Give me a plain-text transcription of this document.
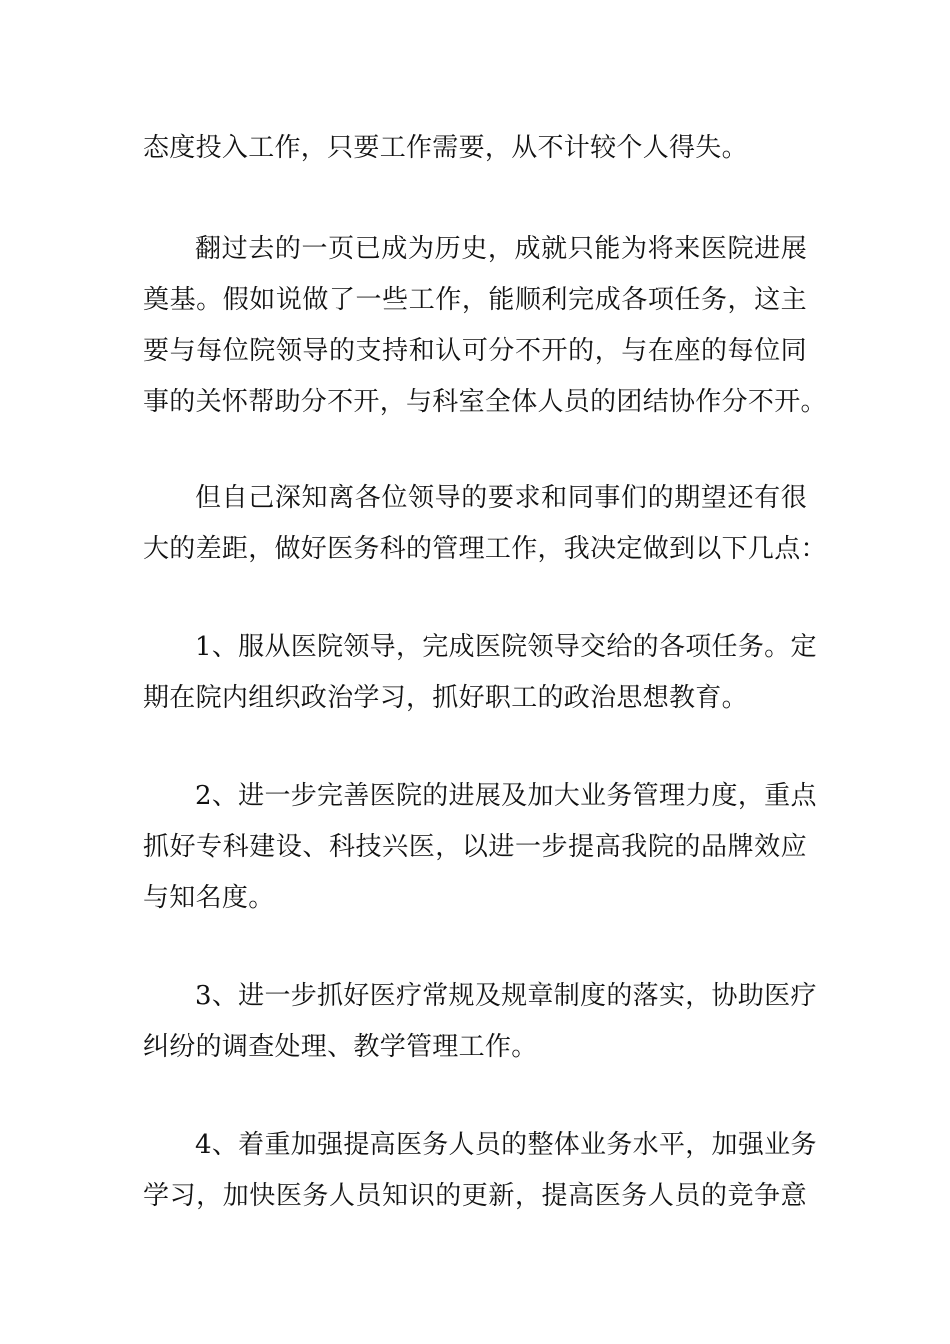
态度投入工作，只要工作需要，从不计较个人得失。
翻过去的一页已成为历史，成就只能为将来医院进展
奠基。假如说做了一些工作，能顺利完成各项任务，这主
要与每位院领导的支持和认可分不开的，与在座的每位同
事的关怀帮助分不开，与科室全体人员的团结协作分不开。
但自己深知离各位领导的要求和同事们的期望还有很
大的差距，做好医务科的管理工作，我决定做到以下几点：
1、服从医院领导，完成医院领导交给的各项任务。定
期在院内组织政治学习，抓好职工的政治思想教育。
2、进一步完善医院的进展及加大业务管理力度，重点
抓好专科建设、科技兴医，以进一步提高我院的品牌效应
与知名度。
3、进一步抓好医疗常规及规章制度的落实，协助医疗
纠纷的调查处理、教学管理工作。
4、着重加强提高医务人员的整体业务水平，加强业务
学习，加快医务人员知识的更新，提高医务人员的竞争意
